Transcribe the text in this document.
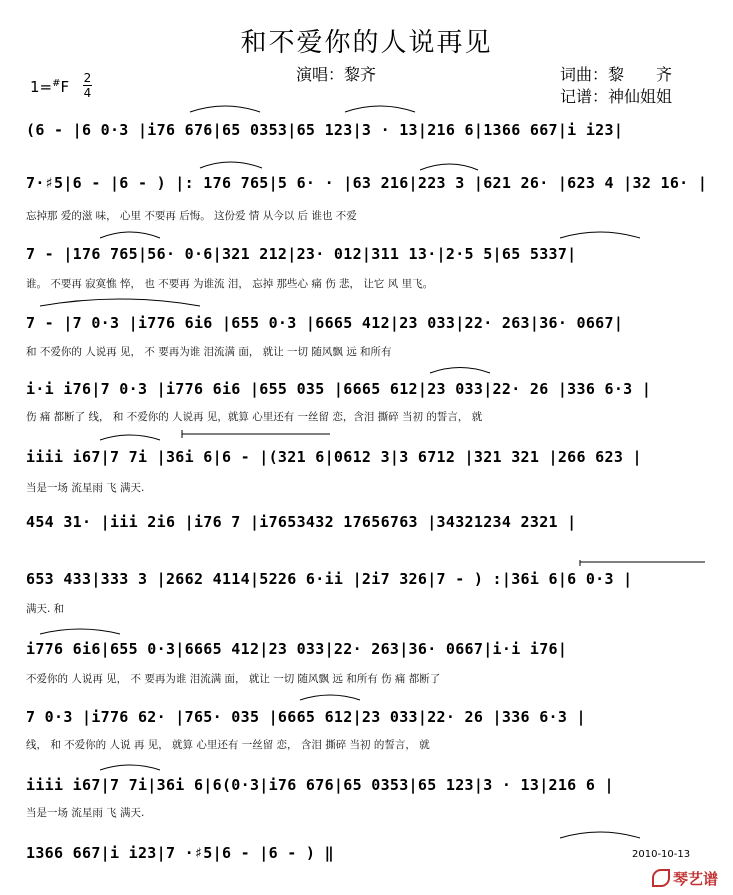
和不爱你的人说再见
演唱：黎齐
1=#F 2
4
词曲：黎　　齐
记谱：神仙姐姐
(6 - |6 0·3 |i76 676|65 0353|65 123|3 · 13|216 6|1366 667|i i23|
7·♯5|6 - |6 - ) |: 176 765|5 6· · |63 216|223 3 |621 26· |623 4 |32 16· |
忘掉那 爱的滋 味， 心里 不要再 后悔。 这份爱 情 从今以 后 谁也 不爱
7 - |176 765|56· 0·6|321 212|23· 012|311 13·|2·5 5|65 5337|
谁。 不要再 寂寞憔 悴， 也 不要再 为谁流 泪， 忘掉 那些心 痛 伤 悲， 让它 风 里飞。
7 - |7 0·3 |i776 6i6 |655 0·3 |6665 412|23 033|22· 263|36· 0667|
和 不爱你的 人说再 见， 不 要再为谁 泪流满 面， 就让 一切 随风飘 远 和所有
i·i i76|7 0·3 |i776 6i6 |655 035 |6665 612|23 033|22· 26 |336 6·3 |
伤 痛 都断了 线， 和 不爱你的 人说再 见，就算 心里还有 一丝留 恋，含泪 撕碎 当初 的誓言， 就
iiii i67|7 7i |36i 6|6 - |(321 6|0612 3|3 6712 |321 321 |266 623 |
当是一场 流星雨 飞 满天.
454 31· |iii 2i6 |i76 7 |i7653432 17656763 |34321234 2321 |
653 433|333 3 |2662 4114|5226 6·ii |2i7 326|7 - ) :|36i 6|6 0·3 |
满天. 和
i776 6i6|655 0·3|6665 412|23 033|22· 263|36· 0667|i·i i76|
不爱你的 人说再 见， 不 要再为谁 泪流满 面， 就让 一切 随风飘 远 和所有 伤 痛 都断了
7 0·3 |i776 62· |765· 035 |6665 612|23 033|22· 26 |336 6·3 |
线， 和 不爱你的 人说 再 见， 就算 心里还有 一丝留 恋， 含泪 撕碎 当初 的誓言， 就
iiii i67|7 7i|36i 6|6(0·3|i76 676|65 0353|65 123|3 · 13|216 6 |
当是一场 流星雨 飞 满天.
1366 667|i i23|7 ·♯5|6 - |6 - ) ‖	2010-10-13
琴艺谱
